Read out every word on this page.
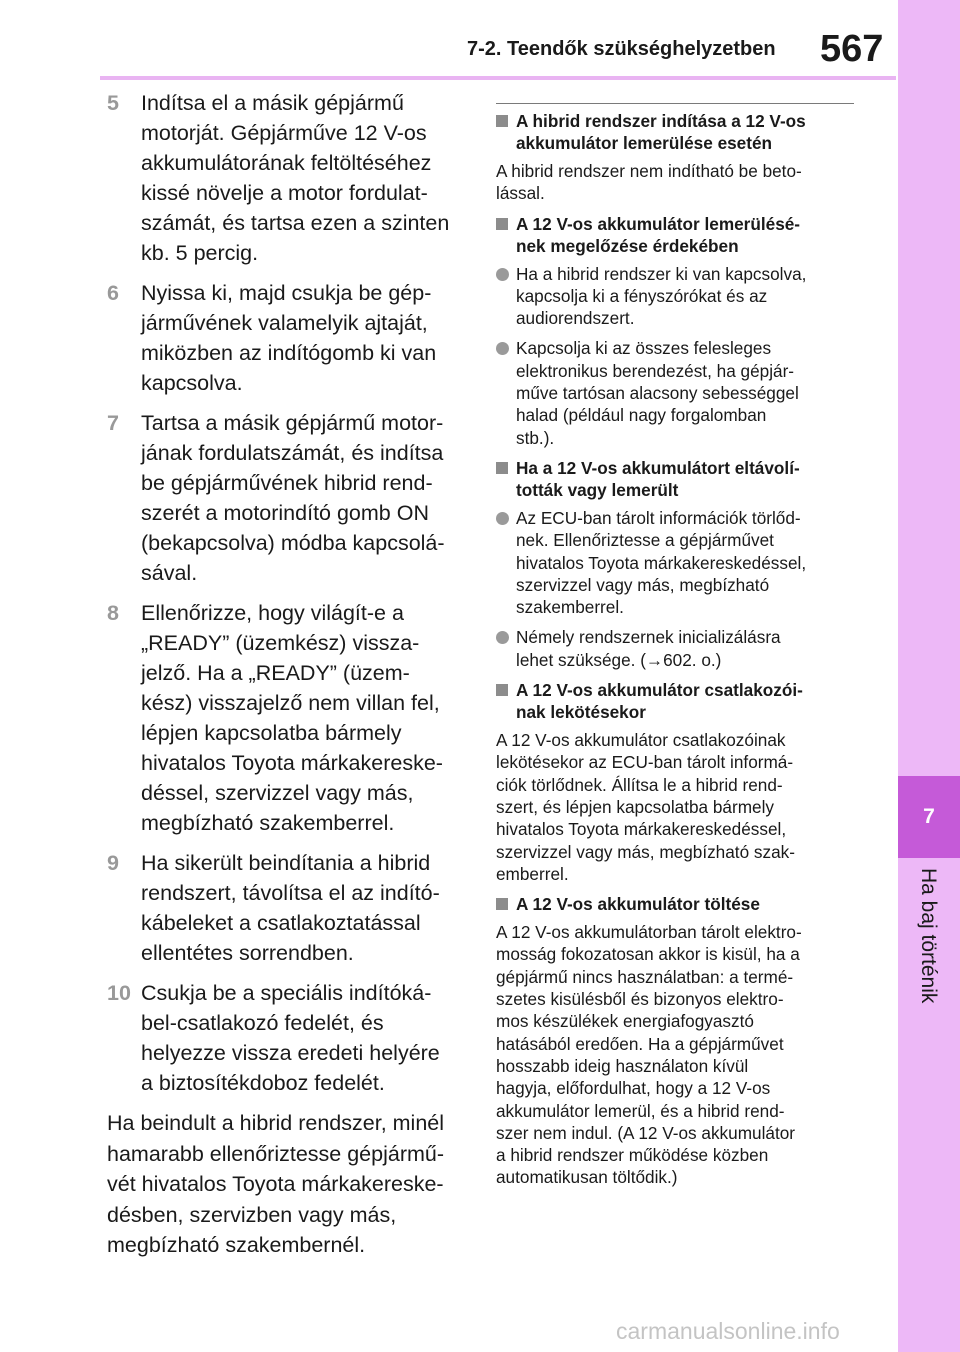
7
Ha baj történik
7-2. Teendők szükséghelyzetben 567
5 Indítsa el a másik gépjármű
motorját. Gépjárműve 12 V-os
akkumulátorának feltöltéséhez
kissé növelje a motor fordulat-
számát, és tartsa ezen a szinten
kb. 5 percig.

6 Nyissa ki, majd csukja be gép-
járművének valamelyik ajtaját,
miközben az indítógomb ki van
kapcsolva.

7 Tartsa a másik gépjármű motor-
jának fordulatszámát, és indítsa
be gépjárművének hibrid rend-
szerét a motorindító gomb ON
(bekapcsolva) módba kapcsolá-
sával.

8 Ellenőrizze, hogy világít-e a
„READY” (üzemkész) vissza-
jelző. Ha a „READY” (üzem-
kész) visszajelző nem villan fel,
lépjen kapcsolatba bármely
hivatalos Toyota márkakereske-
déssel, szervizzel vagy más,
megbízható szakemberrel.

9 Ha sikerült beindítania a hibrid
rendszert, távolítsa el az indító-
kábeleket a csatlakoztatással
ellentétes sorrendben.

10 Csukja be a speciális indítóká-
bel-csatlakozó fedelét, és
helyezze vissza eredeti helyére
a biztosítékdoboz fedelét.

Ha beindult a hibrid rendszer, minél
hamarabb ellenőriztesse gépjármű-
vét hivatalos Toyota márkakereske-
désben, szervizben vagy más,
megbízható szakembernél.

A hibrid rendszer indítása a 12 V-os
akkumulátor lemerülése esetén

A hibrid rendszer nem indítható be beto-
lással.

A 12 V-os akkumulátor lemerülésé-
nek megelőzése érdekében

Ha a hibrid rendszer ki van kapcsolva,
kapcsolja ki a fényszórókat és az
audiorendszert.

Kapcsolja ki az összes felesleges
elektronikus berendezést, ha gépjár-
műve tartósan alacsony sebességgel
halad (például nagy forgalomban
stb.).

Ha a 12 V-os akkumulátort eltávolí-
tották vagy lemerült

Az ECU-ban tárolt információk törlőd-
nek. Ellenőriztesse a gépjárművet
hivatalos Toyota márkakereskedéssel,
szervizzel vagy más, megbízható
szakemberrel.

Némely rendszernek inicializálásra
lehet szüksége. (→602. o.)

A 12 V-os akkumulátor csatlakozói-
nak lekötésekor

A 12 V-os akkumulátor csatlakozóinak
lekötésekor az ECU-ban tárolt informá-
ciók törlődnek. Állítsa le a hibrid rend-
szert, és lépjen kapcsolatba bármely
hivatalos Toyota márkakereskedéssel,
szervizzel vagy más, megbízható szak-
emberrel.

A 12 V-os akkumulátor töltése

A 12 V-os akkumulátorban tárolt elektro-
mosság fokozatosan akkor is kisül, ha a
gépjármű nincs használatban: a termé-
szetes kisülésből és bizonyos elektro-
mos készülékek energiafogyasztó
hatásából eredően. Ha a gépjárművet
hosszabb ideig használaton kívül
hagyja, előfordulhat, hogy a 12 V-os
akkumulátor lemerül, és a hibrid rend-
szer nem indul. (A 12 V-os akkumulátor
a hibrid rendszer működése közben
automatikusan töltődik.)
carmanualsonline.info
